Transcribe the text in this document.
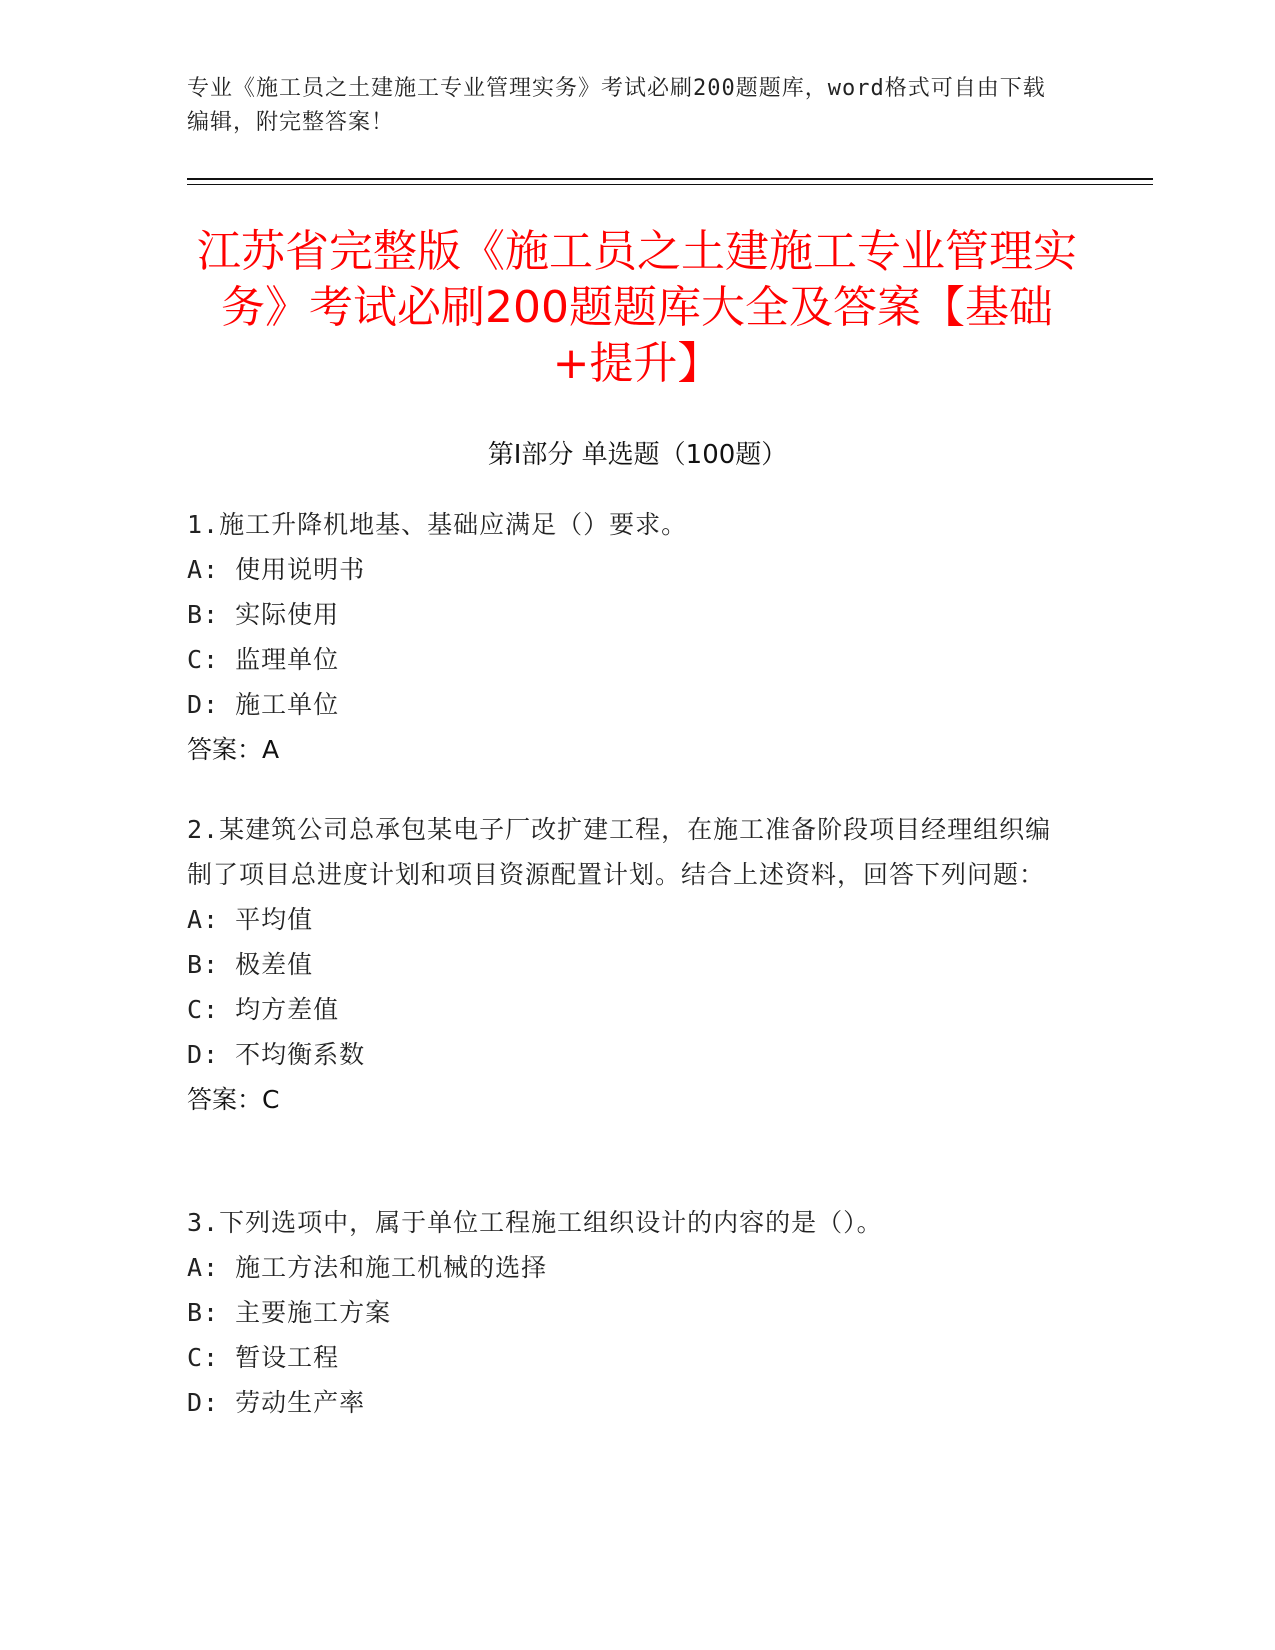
专业《施工员之土建施工专业管理实务》考试必刷200题题库，word格式可自由下载编辑，附完整答案！
江苏省完整版《施工员之土建施工专业管理实务》考试必刷200题题库大全及答案【基础+提升】
第Ⅰ部分 单选题（100题）
1.施工升降机地基、基础应满足（）要求。
A: 使用说明书
B: 实际使用
C: 监理单位
D: 施工单位
答案：A
2.某建筑公司总承包某电子厂改扩建工程，在施工准备阶段项目经理组织编制了项目总进度计划和项目资源配置计划。结合上述资料，回答下列问题：
A: 平均值
B: 极差值
C: 均方差值
D: 不均衡系数
答案：C
3.下列选项中，属于单位工程施工组织设计的内容的是（）。
A: 施工方法和施工机械的选择
B: 主要施工方案
C: 暂设工程
D: 劳动生产率
